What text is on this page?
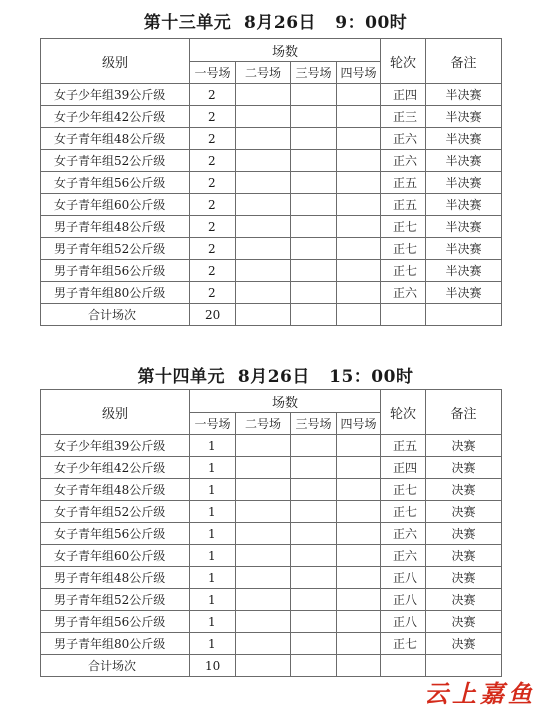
第十三单元  8月26日   9：00时
级别	场数				轮次	备注
	一号场	二号场	三号场	四号场		
女子少年组39公斤级	2				正四	半决赛
女子少年组42公斤级	2				正三	半决赛
女子青年组48公斤级	2				正六	半决赛
女子青年组52公斤级	2				正六	半决赛
女子青年组56公斤级	2				正五	半决赛
女子青年组60公斤级	2				正五	半决赛
男子青年组48公斤级	2				正七	半决赛
男子青年组52公斤级	2				正七	半决赛
男子青年组56公斤级	2				正七	半决赛
男子青年组80公斤级	2				正六	半决赛
合计场次	20					
第十四单元  8月26日   15：00时
级别	场数				轮次	备注
	一号场	二号场	三号场	四号场		
女子少年组39公斤级	1				正五	决赛
女子少年组42公斤级	1				正四	决赛
女子青年组48公斤级	1				正七	决赛
女子青年组52公斤级	1				正七	决赛
女子青年组56公斤级	1				正六	决赛
女子青年组60公斤级	1				正六	决赛
男子青年组48公斤级	1				正八	决赛
男子青年组52公斤级	1				正八	决赛
男子青年组56公斤级	1				正八	决赛
男子青年组80公斤级	1				正七	决赛
合计场次	10					
云上嘉鱼
